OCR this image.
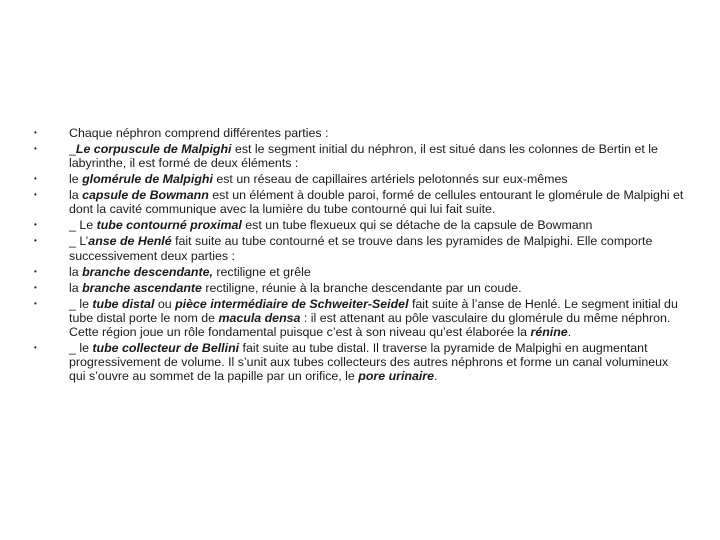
•	Chaque néphron comprend différentes parties :
•	_Le corpuscule de Malpighi est le segment initial du néphron, il est situé dans les colonnes de Bertin et le labyrinthe, il est formé de deux éléments :
•	le glomérule de Malpighi est un réseau de capillaires artériels pelotonnés sur eux-mêmes
•	la capsule de Bowmann est un élément à double paroi, formé de cellules entourant le glomérule de Malpighi et dont la cavité communique avec la lumière du tube contourné qui lui fait suite.
•	_ Le tube contourné proximal est un tube flexueux qui se détache de la capsule de Bowmann
•	_ L’anse de Henlé fait suite au tube contourné et se trouve dans les pyramides de Malpighi. Elle comporte successivement deux parties :
•	la branche descendante, rectiligne et grêle
•	la branche ascendante rectiligne, réunie à la branche descendante par un coude.
•	_ le tube distal ou pièce intermédiaire de Schweiter-Seidel fait suite à l’anse de Henlé. Le segment initial du tube distal porte le nom de macula densa : il est attenant au pôle vasculaire du glomérule du même néphron. Cette région joue un rôle fondamental puisque c’est à son niveau qu’est élaborée la rénine.
•	_ le tube collecteur de Bellini fait suite au tube distal. Il traverse la pyramide de Malpighi en augmentant progressivement de volume. Il s’unit aux tubes collecteurs des autres néphrons et forme un canal volumineux qui s’ouvre au sommet de la papille par un orifice, le pore urinaire.
